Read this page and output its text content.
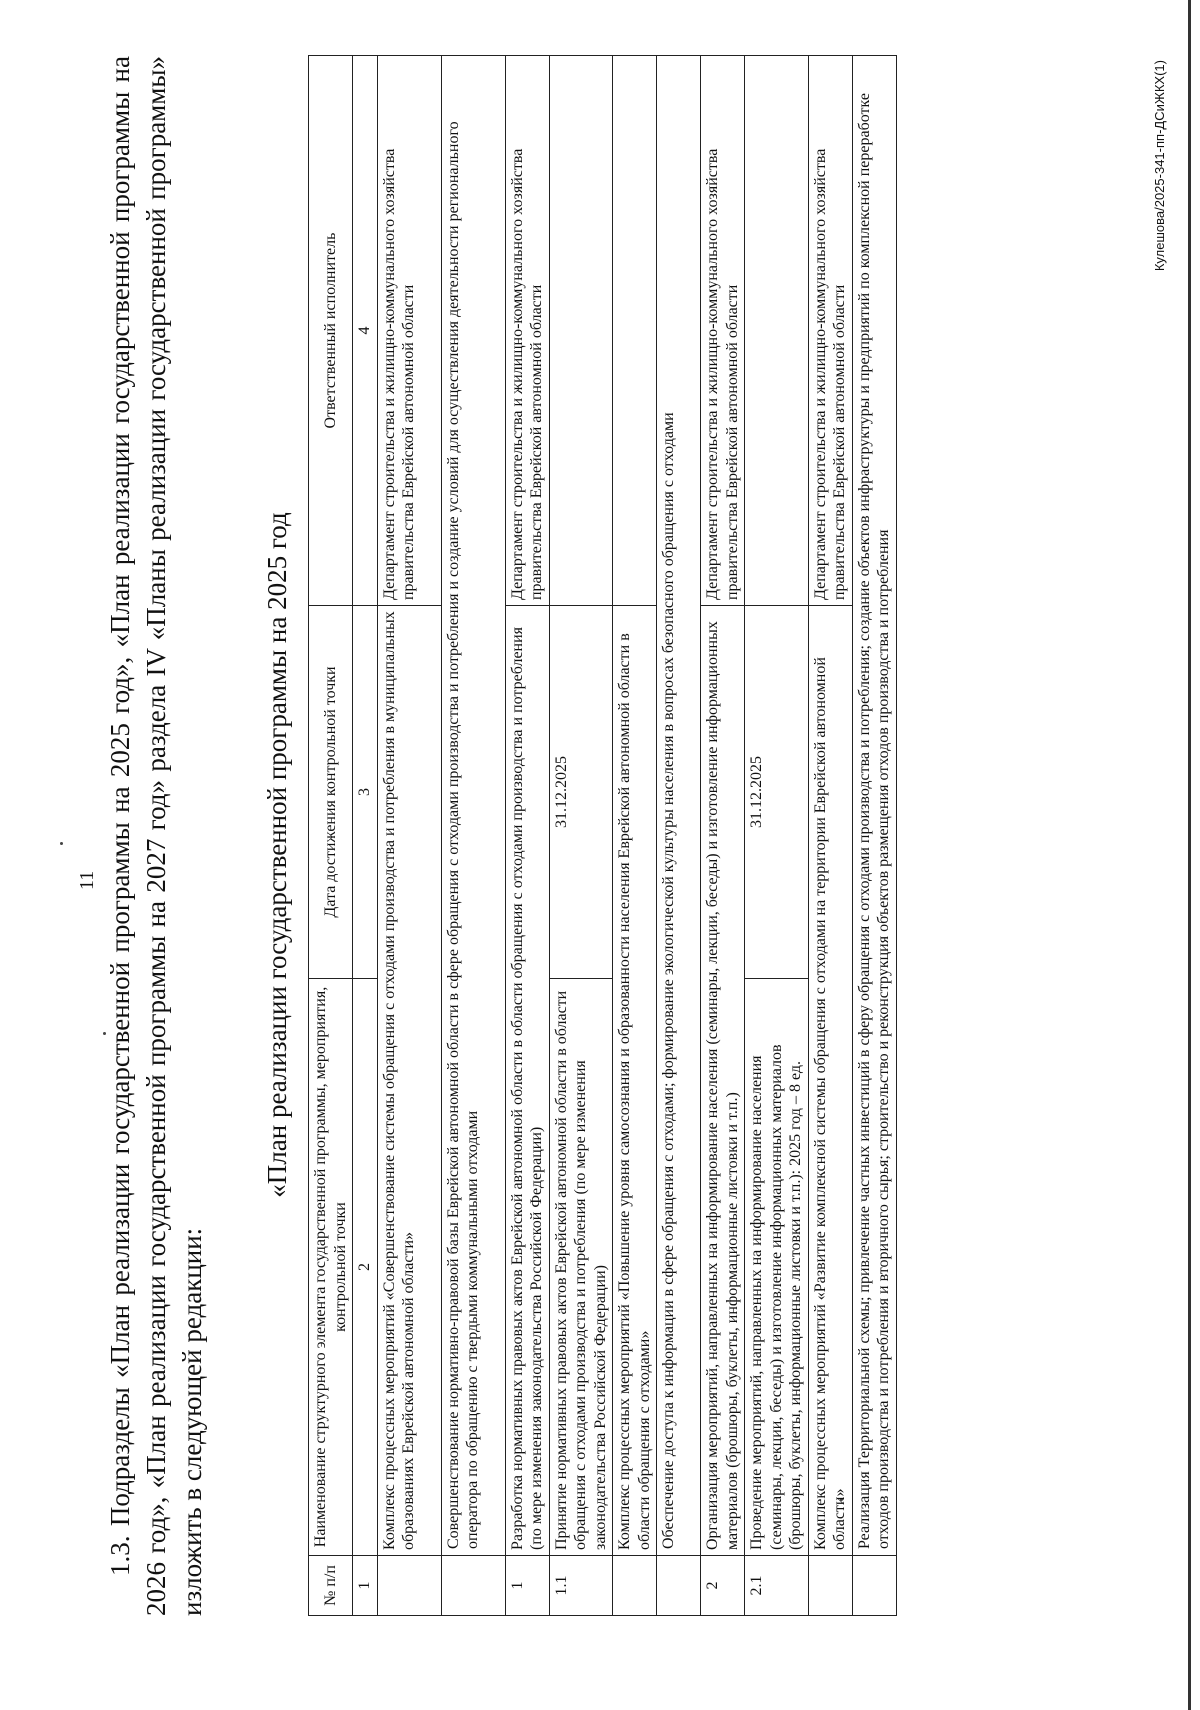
11 1.3. Подразделы «План реализации государственной программы на 2025 год», «План реализации государственной программы на 2026 год», «План реализации государственной программы на 2027 год» раздела IV «Планы реализации государственной программы» изложить в следующей редакции:
«План реализации государственной программы на 2025 год
№ п/п	Наименование структурного элемента государственной программы, мероприятия, контрольной точки	Дата достижения контрольной точки	Ответственный исполнитель
1	2	3	4
	Комплекс процессных мероприятий «Совершенствование системы обращения с отходами производства и потребления в муниципальных образованиях Еврейской автономной области»		Департамент строительства и жилищно-коммунального хозяйства правительства Еврейской автономной области
	Совершенствование нормативно-правовой базы Еврейской автономной области в сфере обращения с отходами производства и потребления и создание условий для осуществления деятельности регионального оператора по обращению с твердыми коммунальными отходами		
1	Разработка нормативных правовых актов Еврейской автономной области в области обращения с отходами производства и потребления (по мере изменения законодательства Российской Федерации)		Департамент строительства и жилищно-коммунального хозяйства правительства Еврейской автономной области
1.1	Принятие нормативных правовых актов Еврейской автономной области в области обращения с отходами производства и потребления (по мере изменения законодательства Российской Федерации)	31.12.2025	
	Комплекс процессных мероприятий «Повышение уровня самосознания и образованности населения Еврейской автономной области в области обращения с отходами»		
	Обеспечение доступа к информации в сфере обращения с отходами; формирование экологической культуры населения в вопросах безопасного обращения с отходами		
2	Организация мероприятий, направленных на информирование населения (семинары, лекции, беседы) и изготовление информационных материалов (брошюры, буклеты, информационные листовки и т.п.)		Департамент строительства и жилищно-коммунального хозяйства правительства Еврейской автономной области
2.1	Проведение мероприятий, направленных на информирование населения (семинары, лекции, беседы) и изготовление информационных материалов (брошюры, буклеты, информационные листовки и т.п.): 2025 год – 8 ед.	31.12.2025	
	Комплекс процессных мероприятий «Развитие комплексной системы обращения с отходами на территории Еврейской автономной области»		Департамент строительства и жилищно-коммунального хозяйства правительства Еврейской автономной области
	Реализация Территориальной схемы; привлечение частных инвестиций в сферу обращения с отходами производства и потребления; создание объектов инфраструктуры и предприятий по комплексной переработке отходов производства и потребления и вторичного сырья; строительство и реконструкция объектов размещения отходов производства и потребления		
Кулешова/2025-341-пп-ДСиЖКХ(1)
